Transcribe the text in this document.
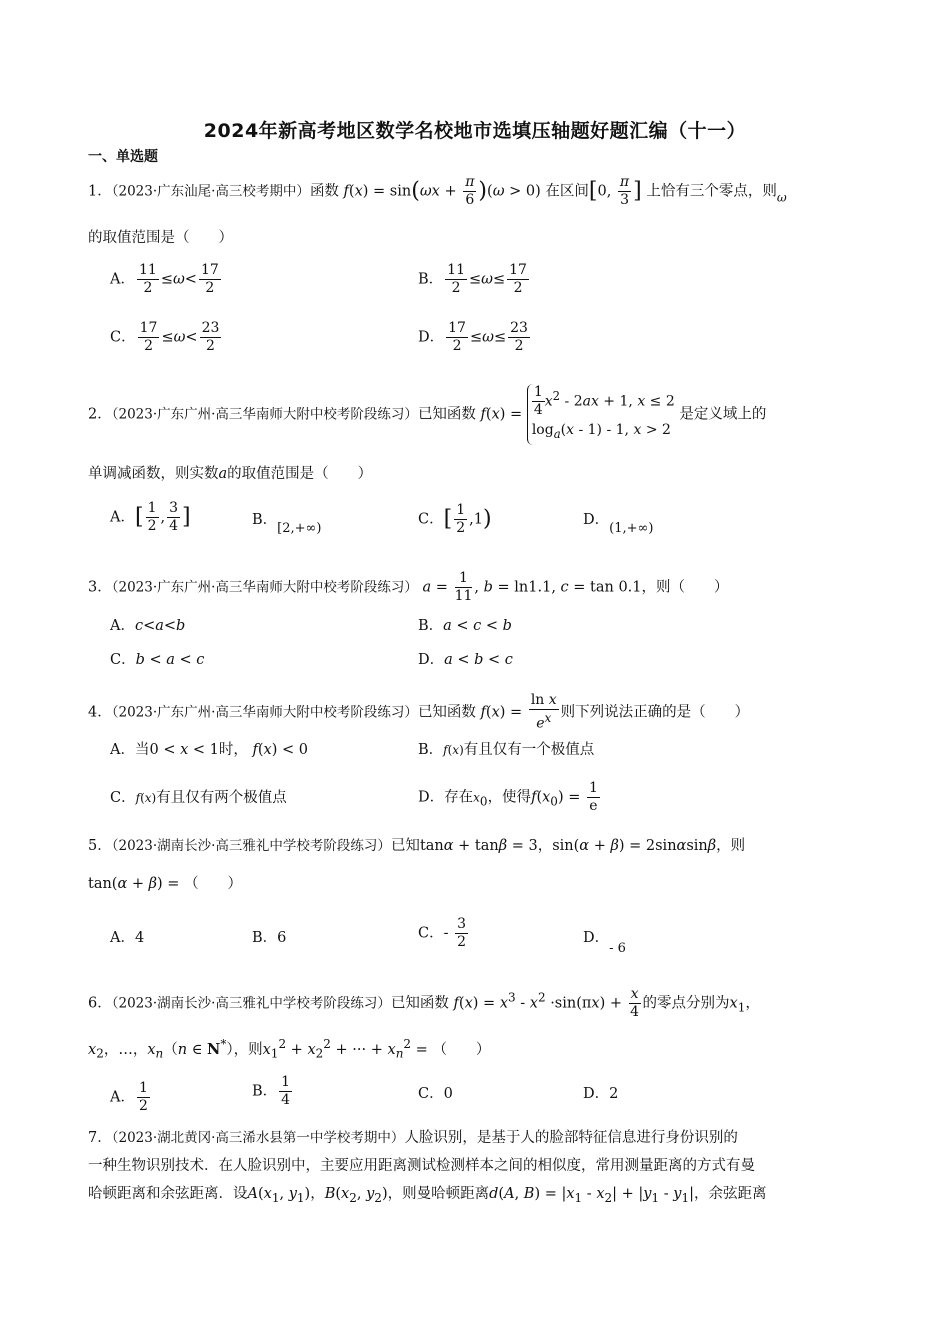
2024年新高考地区数学名校地市选填压轴题好题汇编（十一）
一、单选题
1．（2023·广东汕尾·高三校考期中）函数 $f(x) = \sin(\omega x + \frac{\pi}{6} )(\omega > 0)$ 在区间[0, $\frac{\pi}{3}$ ] 上恰有三个零点，则$_\omega$
的取值范围是（　　）
A． $\frac{11}{2} \le\omega< \frac{17}{2}$	B． $\frac{11}{2} \le\omega\le \frac{17}{2}$
C． $\frac{17}{2} \le\omega< \frac{23}{2}$	D． $\frac{17}{2} \le\omega\le \frac{23}{2}$
2．（2023·广东广州·高三华南师大附中校考阶段练习）已知函数 $f(x) = \frac{1}{4} x^2 - 2ax + 1$, x ≤ 2
$\log_a(x - 1) - 1$, x > 2
是定义域上的
单调减函数，则实数a的取值范围是（　　）
A．[ $\frac{1}{2}$ , $\frac{3}{4}$ ]	B．[2,+∞)
C．[ $\frac{1}{2} ,1$)	D．(1,+∞)
3．（2023·广东广州·高三华南师大附中校考阶段练习） $a = \frac{1}{11}$ , b = ln1.1, c = tan 0.1，则（　　）
A．c<a<b	B．a < c < b
C．b < a < c	D．a < b < c
4．（2023·广东广州·高三华南师大附中校考阶段练习）已知函数 $f(x) = \frac{\text{ln x}}{e^x}$ 则下列说法正确的是（　　）
A．当0 < x < 1时， f(x) < 0	B．f(x)有且仅有一个极值点
C．f(x)有且仅有两个极值点	D．存在$x_0$，使得$f(x_0) = \frac{1}{e}$
5．（2023·湖南长沙·高三雅礼中学校考阶段练习）已知tanα + tanβ = 3，sin(α + β) = 2sinαsinβ，则
tan(α + β) = （　　）
A．4	B．6	C．- $\frac{3}{2}$	D．- 6
6．（2023·湖南长沙·高三雅礼中学校考阶段练习）已知函数 $f(x) = x^3 - x^2 \cdot\sin(\pi x) + \frac{x}{4}$ 的零点分别为$x_1$，
$x_2$，…，$x_n(n$ ∈ N*），则$x_1^2 + x_2^2$ + ··· + $x_n^2$ = （　　）
A． $\frac{1}{2}$	B． $\frac{1}{4}$	C．0	D．2
7．（2023·湖北黄冈·高三浠水县第一中学校考期中）人脸识别，是基于人的脸部特征信息进行身份识别的
一种生物识别技术．在人脸识别中，主要应用距离测试检测样本之间的相似度，常用测量距离的方式有曼
哈顿距离和余弦距离．设$A(x_1$, $y_1$)，$B(x_2$, $y_2$)，则曼哈顿距离d(A, $B) = |x_1 - x_2| + |y_1 - y_1|$，余弦距离
